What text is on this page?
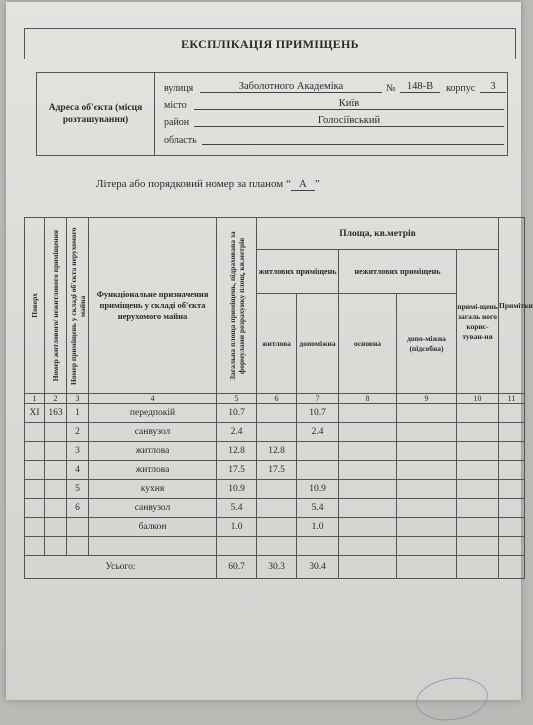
ЕКСПЛІКАЦІЯ ПРИМІЩЕНЬ
Адреса об'єкта (місця розташування)
вулиця	Заболотного Академіка	№	148-В	корпус	3
місто	Київ
район	Голосіївський
область
Літера або порядковий номер за планом “ А ”
Поверх	Номер житлового/ нежитлового приміщення	Номер приміщень у складі об'єкта нерухомого майна	Функціональне призначення приміщень у складі об'єкта нерухомого майна	Загальна площа приміщень, підрахована за формулами розрахунку площ, кв.метрів	Площа, кв.метрів					Примітки
					житлових приміщень		нежитлових приміщень		примі-щень загаль ного корис-туван-ня	
					житлова	допоміжна	основна	допо-міжна (підсобна)		
1	2	3	4	5	6	7	8	9	10	11
XI	163	1	передпокій	10.7		10.7				
		2	санвузол	2.4		2.4				
		3	житлова	12.8	12.8					
		4	житлова	17.5	17.5					
		5	кухня	10.9		10.9				
		6	санвузол	5.4		5.4				
			балкон	1.0		1.0				

Усього:				60.7	30.3	30.4				
